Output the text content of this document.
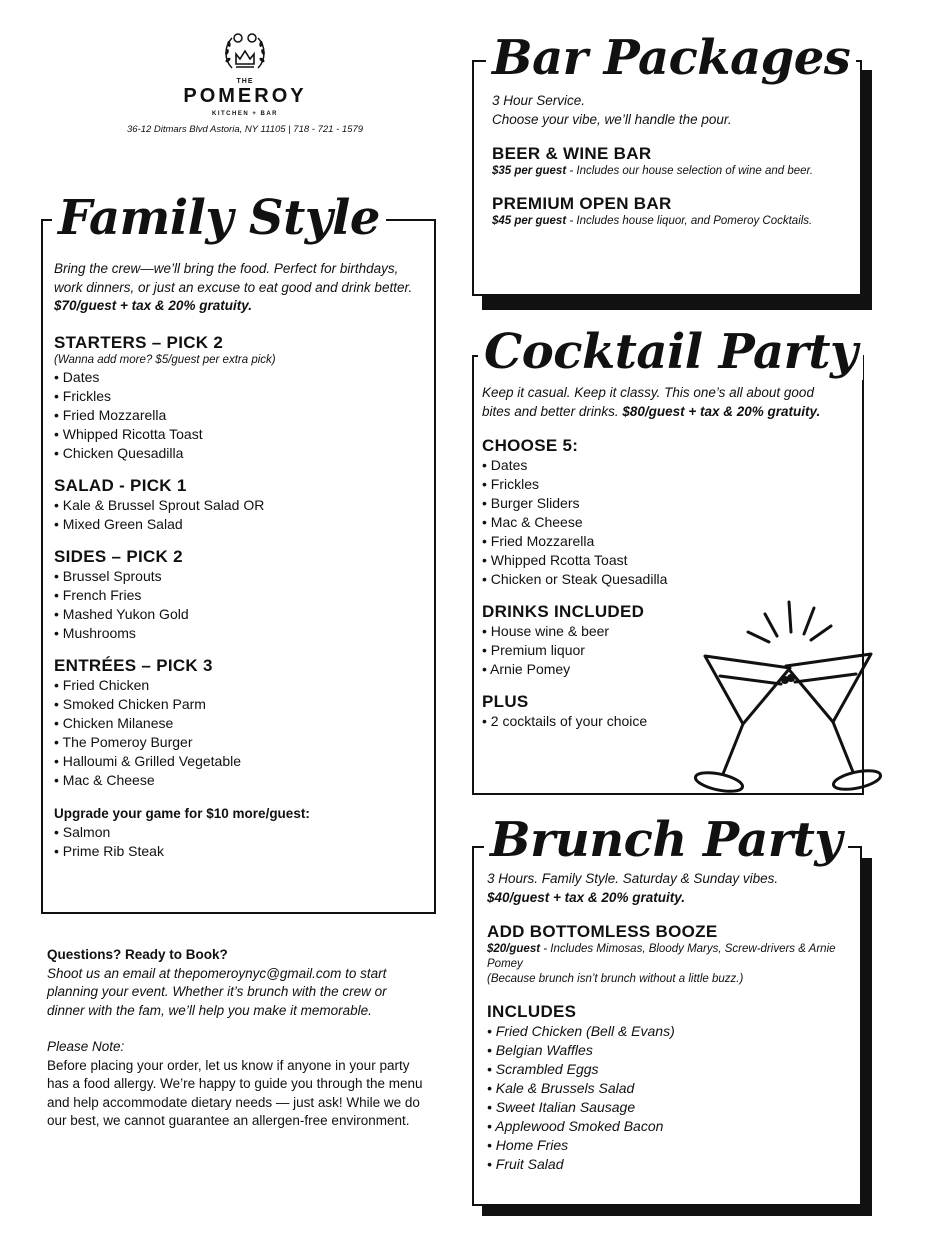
THE
POMEROY
KITCHEN + BAR
36-12 Ditmars Blvd Astoria, NY 11105 | 718 - 721 - 1579
Family Style
Bring the crew—we’ll bring the food. Perfect for birthdays, work dinners, or just an excuse to eat good and drink better. $70/guest + tax & 20% gratuity.
STARTERS – PICK 2
(Wanna add more? $5/guest per extra pick)
• Dates
• Frickles
• Fried Mozzarella
• Whipped Ricotta Toast
• Chicken Quesadilla
SALAD - PICK 1
• Kale & Brussel Sprout Salad OR
• Mixed Green Salad
SIDES – PICK 2
• Brussel Sprouts
• French Fries
• Mashed Yukon Gold
• Mushrooms
ENTRÉES – PICK 3
• Fried Chicken
• Smoked Chicken Parm
• Chicken Milanese
• The Pomeroy Burger
• Halloumi & Grilled Vegetable
• Mac & Cheese
Upgrade your game for $10 more/guest:
• Salmon
• Prime Rib Steak

Questions? Ready to Book?

Shoot us an email at thepomeroynyc@gmail.com to start planning your event. Whether it’s brunch with the crew or dinner with the fam, we’ll help you make it memorable.

Please Note:

Before placing your order, let us know if anyone in your party has a food allergy. We’re happy to guide you through the menu and help accommodate dietary needs — just ask! While we do our best, we cannot guarantee an allergen-free environment.

Bar Packages
3 Hour Service.
Choose your vibe, we’ll handle the pour.
BEER & WINE BAR
$35 per guest - Includes our house selection of wine and beer.
PREMIUM OPEN BAR
$45 per guest - Includes house liquor, and Pomeroy Cocktails.
Cocktail Party
Keep it casual. Keep it classy. This one’s all about good bites and better drinks. $80/guest + tax & 20% gratuity.
CHOOSE 5:
• Dates
• Frickles
• Burger Sliders
• Mac & Cheese
• Fried Mozzarella
• Whipped Rcotta Toast
• Chicken or Steak Quesadilla
DRINKS INCLUDED
• House wine & beer
• Premium liquor
• Arnie Pomey
PLUS
• 2 cocktails of your choice
Brunch Party
3 Hours. Family Style. Saturday & Sunday vibes.
$40/guest + tax & 20% gratuity.
ADD BOTTOMLESS BOOZE
$20/guest - Includes Mimosas, Bloody Marys, Screw-drivers & Arnie Pomey
(Because brunch isn’t brunch without a little buzz.)
INCLUDES
• Fried Chicken (Bell & Evans)
• Belgian Waffles
• Scrambled Eggs
• Kale & Brussels Salad
• Sweet Italian Sausage
• Applewood Smoked Bacon
• Home Fries
• Fruit Salad
